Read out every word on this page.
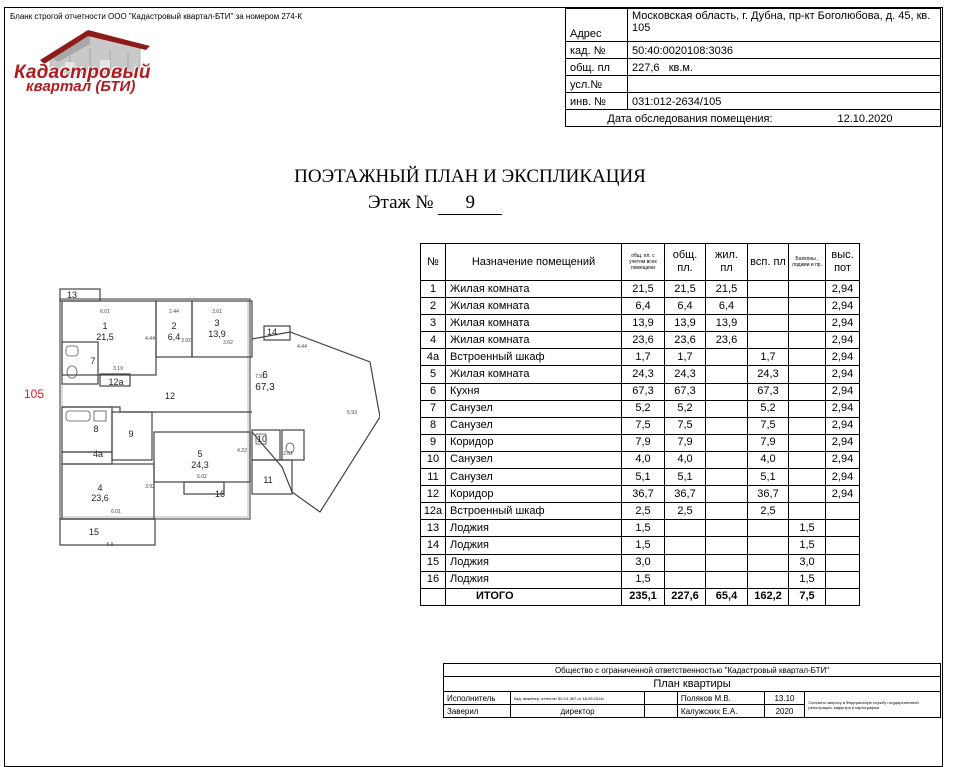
Бланк строгой отчетности ООО "Кадастровый квартал-БТИ" за номером 274-К
Кадастровый
квартал (БТИ)
Адрес	Московская область, г. Дубна, пр-кт Боголюбова, д. 45, кв. 105
кад. №	50:40:0020108:3036
общ. пл	227,6 кв.м.
усл.№	
инв. №	031:012-2634/105
Дата обследования помещения: 12.10.2020	
ПОЭТАЖНЫЙ ПЛАН И ЭКСПЛИКАЦИЯ
Этаж № 9
1
21,5
2
6,4
3
13,9
4
23,6
5
24,3
6
67,3
13
14
7
12а
12
8	9
4а
10
11
16
15
6.01	2.44	3.61
4.44	3.92	3.62
3.19
7.91
4.44
5.93
6.02
4.22	2.01
3.92
6.01
5.9
105
№	Назначение помещений	общ. пл. с учетом всех помещени	общ. пл.	жил. пл	всп. пл	Балконы , лоджии и пр.	выс. пот
1	Жилая комната	21,5	21,5	21,5			2,94
2	Жилая комната	6,4	6,4	6,4			2,94
3	Жилая комната	13,9	13,9	13,9			2,94
4	Жилая комната	23,6	23,6	23,6			2,94
4а	Встроенный шкаф	1,7	1,7		1,7		2,94
5	Жилая комната	24,3	24,3		24,3		2,94
6	Кухня	67,3	67,3		67,3		2,94
7	Санузел	5,2	5,2		5,2		2,94
8	Санузел	7,5	7,5		7,5		2,94
9	Коридор	7,9	7,9		7,9		2,94
10	Санузел	4,0	4,0		4,0		2,94
11	Санузел	5,1	5,1		5,1		2,94
12	Коридор	36,7	36,7		36,7		2,94
12а	Встроенный шкаф	2,5	2,5		2,5		
13	Лоджия	1,5				1,5	
14	Лоджия	1,5				1,5	
15	Лоджия	3,0				3,0	
16	Лоджия	1,5				1,5	
	ИТОГО	235,1	227,6	65,4	162,2	7,5	
Общество с ограниченной ответственностью "Кадастровый квартал-БТИ"					
План квартиры					
Исполнитель	Кад. инженер, аттестат 50-14-367 от 18.09.2014г.		Поляков М.В.	13.10	Согласно запросу в Федеральную службу государственной регистрации, кадастра и картографии
Заверил	директор		Калужских Е.А.	2020	
